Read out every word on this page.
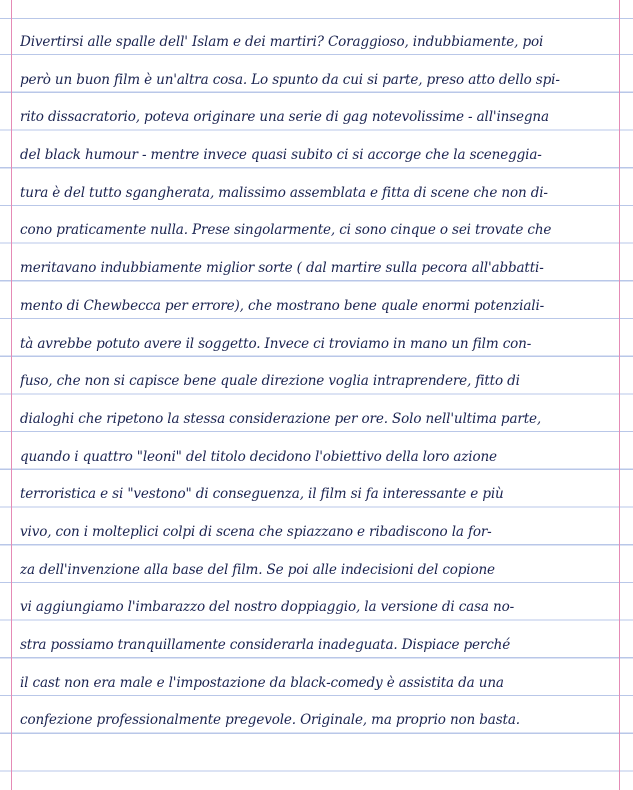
Divertirsi alle spalle dell' Islam e dei martiri? Coraggioso, indubbiamente, poi
però un buon film è un'altra cosa. Lo spunto da cui si parte, preso atto dello spi-
rito dissacratorio, poteva originare una serie di gag notevolissime - all'insegna
del black humour - mentre invece quasi subito ci si accorge che la sceneggia-
tura è del tutto sgangherata, malissimo assemblata e fitta di scene che non di-
cono praticamente nulla. Prese singolarmente, ci sono cinque o sei trovate che
meritavano indubbiamente miglior sorte ( dal martire sulla pecora all'abbatti-
mento di Chewbecca per errore), che mostrano bene quale enormi potenziali-
tà avrebbe potuto avere il soggetto. Invece ci troviamo in mano un film con-
fuso, che non si capisce bene quale direzione voglia intraprendere, fitto di
dialoghi che ripetono la stessa considerazione per ore. Solo nell'ultima parte,
quando i quattro "leoni" del titolo decidono l'obiettivo della loro azione
terroristica e si "vestono" di conseguenza, il film si fa interessante e più
vivo, con i molteplici colpi di scena che spiazzano e ribadiscono la for-
za dell'invenzione alla base del film. Se poi alle indecisioni del copione
vi aggiungiamo l'imbarazzo del nostro doppiaggio, la versione di casa no-
stra possiamo tranquillamente considerarla inadeguata. Dispiace perché
il cast non era male e l'impostazione da black-comedy è assistita da una
confezione professionalmente pregevole. Originale, ma proprio non basta.
